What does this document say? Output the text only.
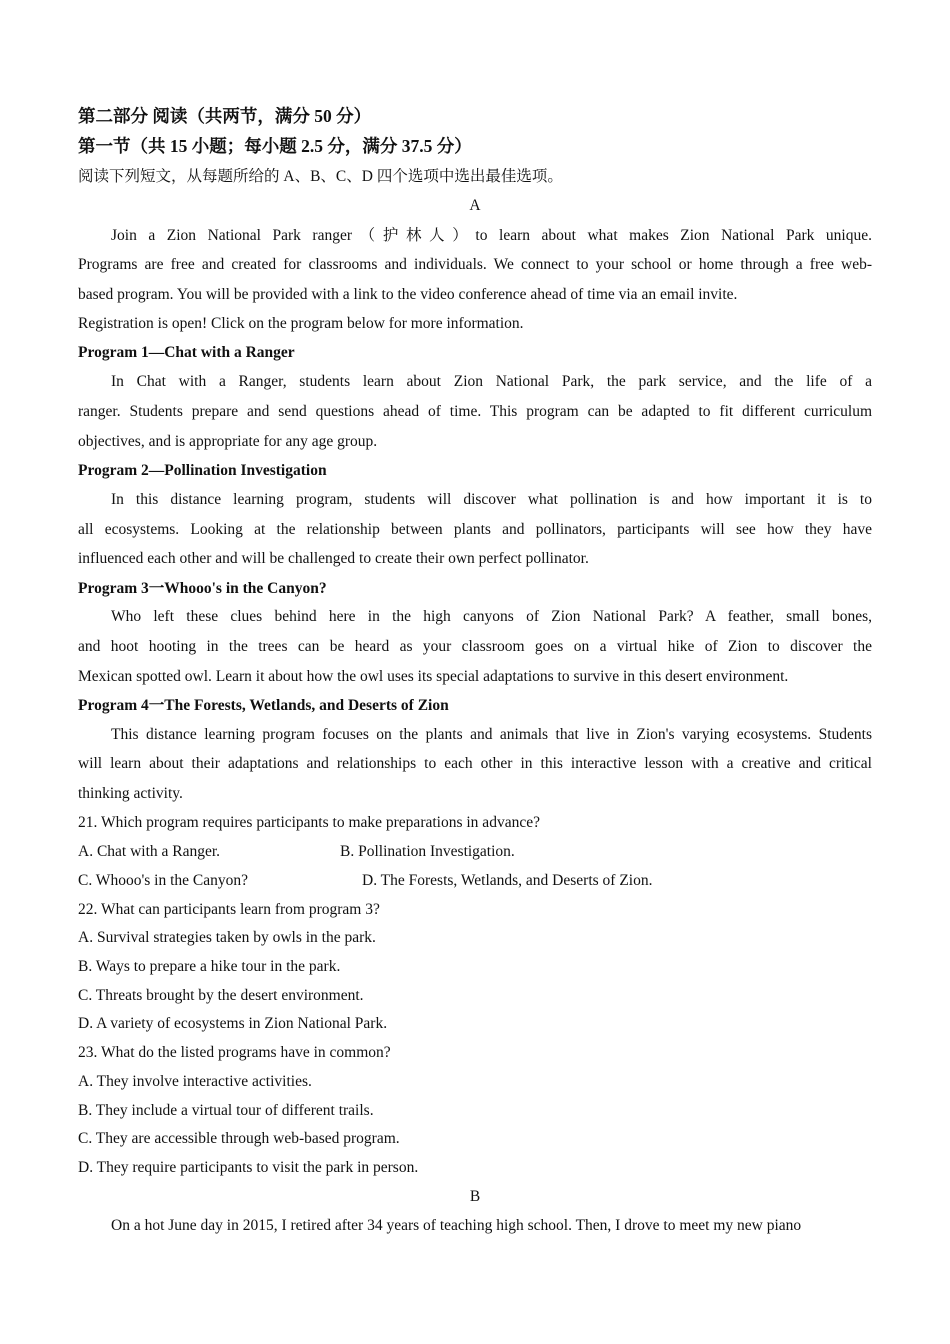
第二部分 阅读（共两节，满分 50 分）
第一节（共 15 小题；每小题 2.5 分，满分 37.5 分）
阅读下列短文，从每题所给的 A、B、C、D 四个选项中选出最佳选项。
A
Join a Zion National Park ranger（护林人）to learn about what makes Zion National Park unique.
Programs are free and created for classrooms and individuals. We connect to your school or home through a free web-
based program. You will be provided with a link to the video conference ahead of time via an email invite.
Registration is open! Click on the program below for more information.
Program 1—Chat with a Ranger
In Chat with a Ranger, students learn about Zion National Park, the park service, and the life of a
ranger. Students prepare and send questions ahead of time. This program can be adapted to fit different curriculum
objectives, and is appropriate for any age group.
Program 2—Pollination Investigation
In this distance learning program, students will discover what pollination is and how important it is to
all ecosystems. Looking at the relationship between plants and pollinators, participants will see how they have
influenced each other and will be challenged to create their own perfect pollinator.
Program 3一Whooo's in the Canyon?
Who left these clues behind here in the high canyons of Zion National Park? A feather, small bones,
and hoot hooting in the trees can be heard as your classroom goes on a virtual hike of Zion to discover the
Mexican spotted owl. Learn it about how the owl uses its special adaptations to survive in this desert environment.
Program 4一The Forests, Wetlands, and Deserts of Zion
This distance learning program focuses on the plants and animals that live in Zion's varying ecosystems. Students
will learn about their adaptations and relationships to each other in this interactive lesson with a creative and critical
thinking activity.
21. Which program requires participants to make preparations in advance?
A. Chat with a Ranger.	B. Pollination Investigation.
C. Whooo's in the Canyon?	D. The Forests, Wetlands, and Deserts of Zion.
22. What can participants learn from program 3?
A. Survival strategies taken by owls in the park.
B. Ways to prepare a hike tour in the park.
C. Threats brought by the desert environment.
D. A variety of ecosystems in Zion National Park.
23. What do the listed programs have in common?
A. They involve interactive activities.
B. They include a virtual tour of different trails.
C. They are accessible through web-based program.
D. They require participants to visit the park in person.
B
On a hot June day in 2015, I retired after 34 years of teaching high school. Then, I drove to meet my new piano
